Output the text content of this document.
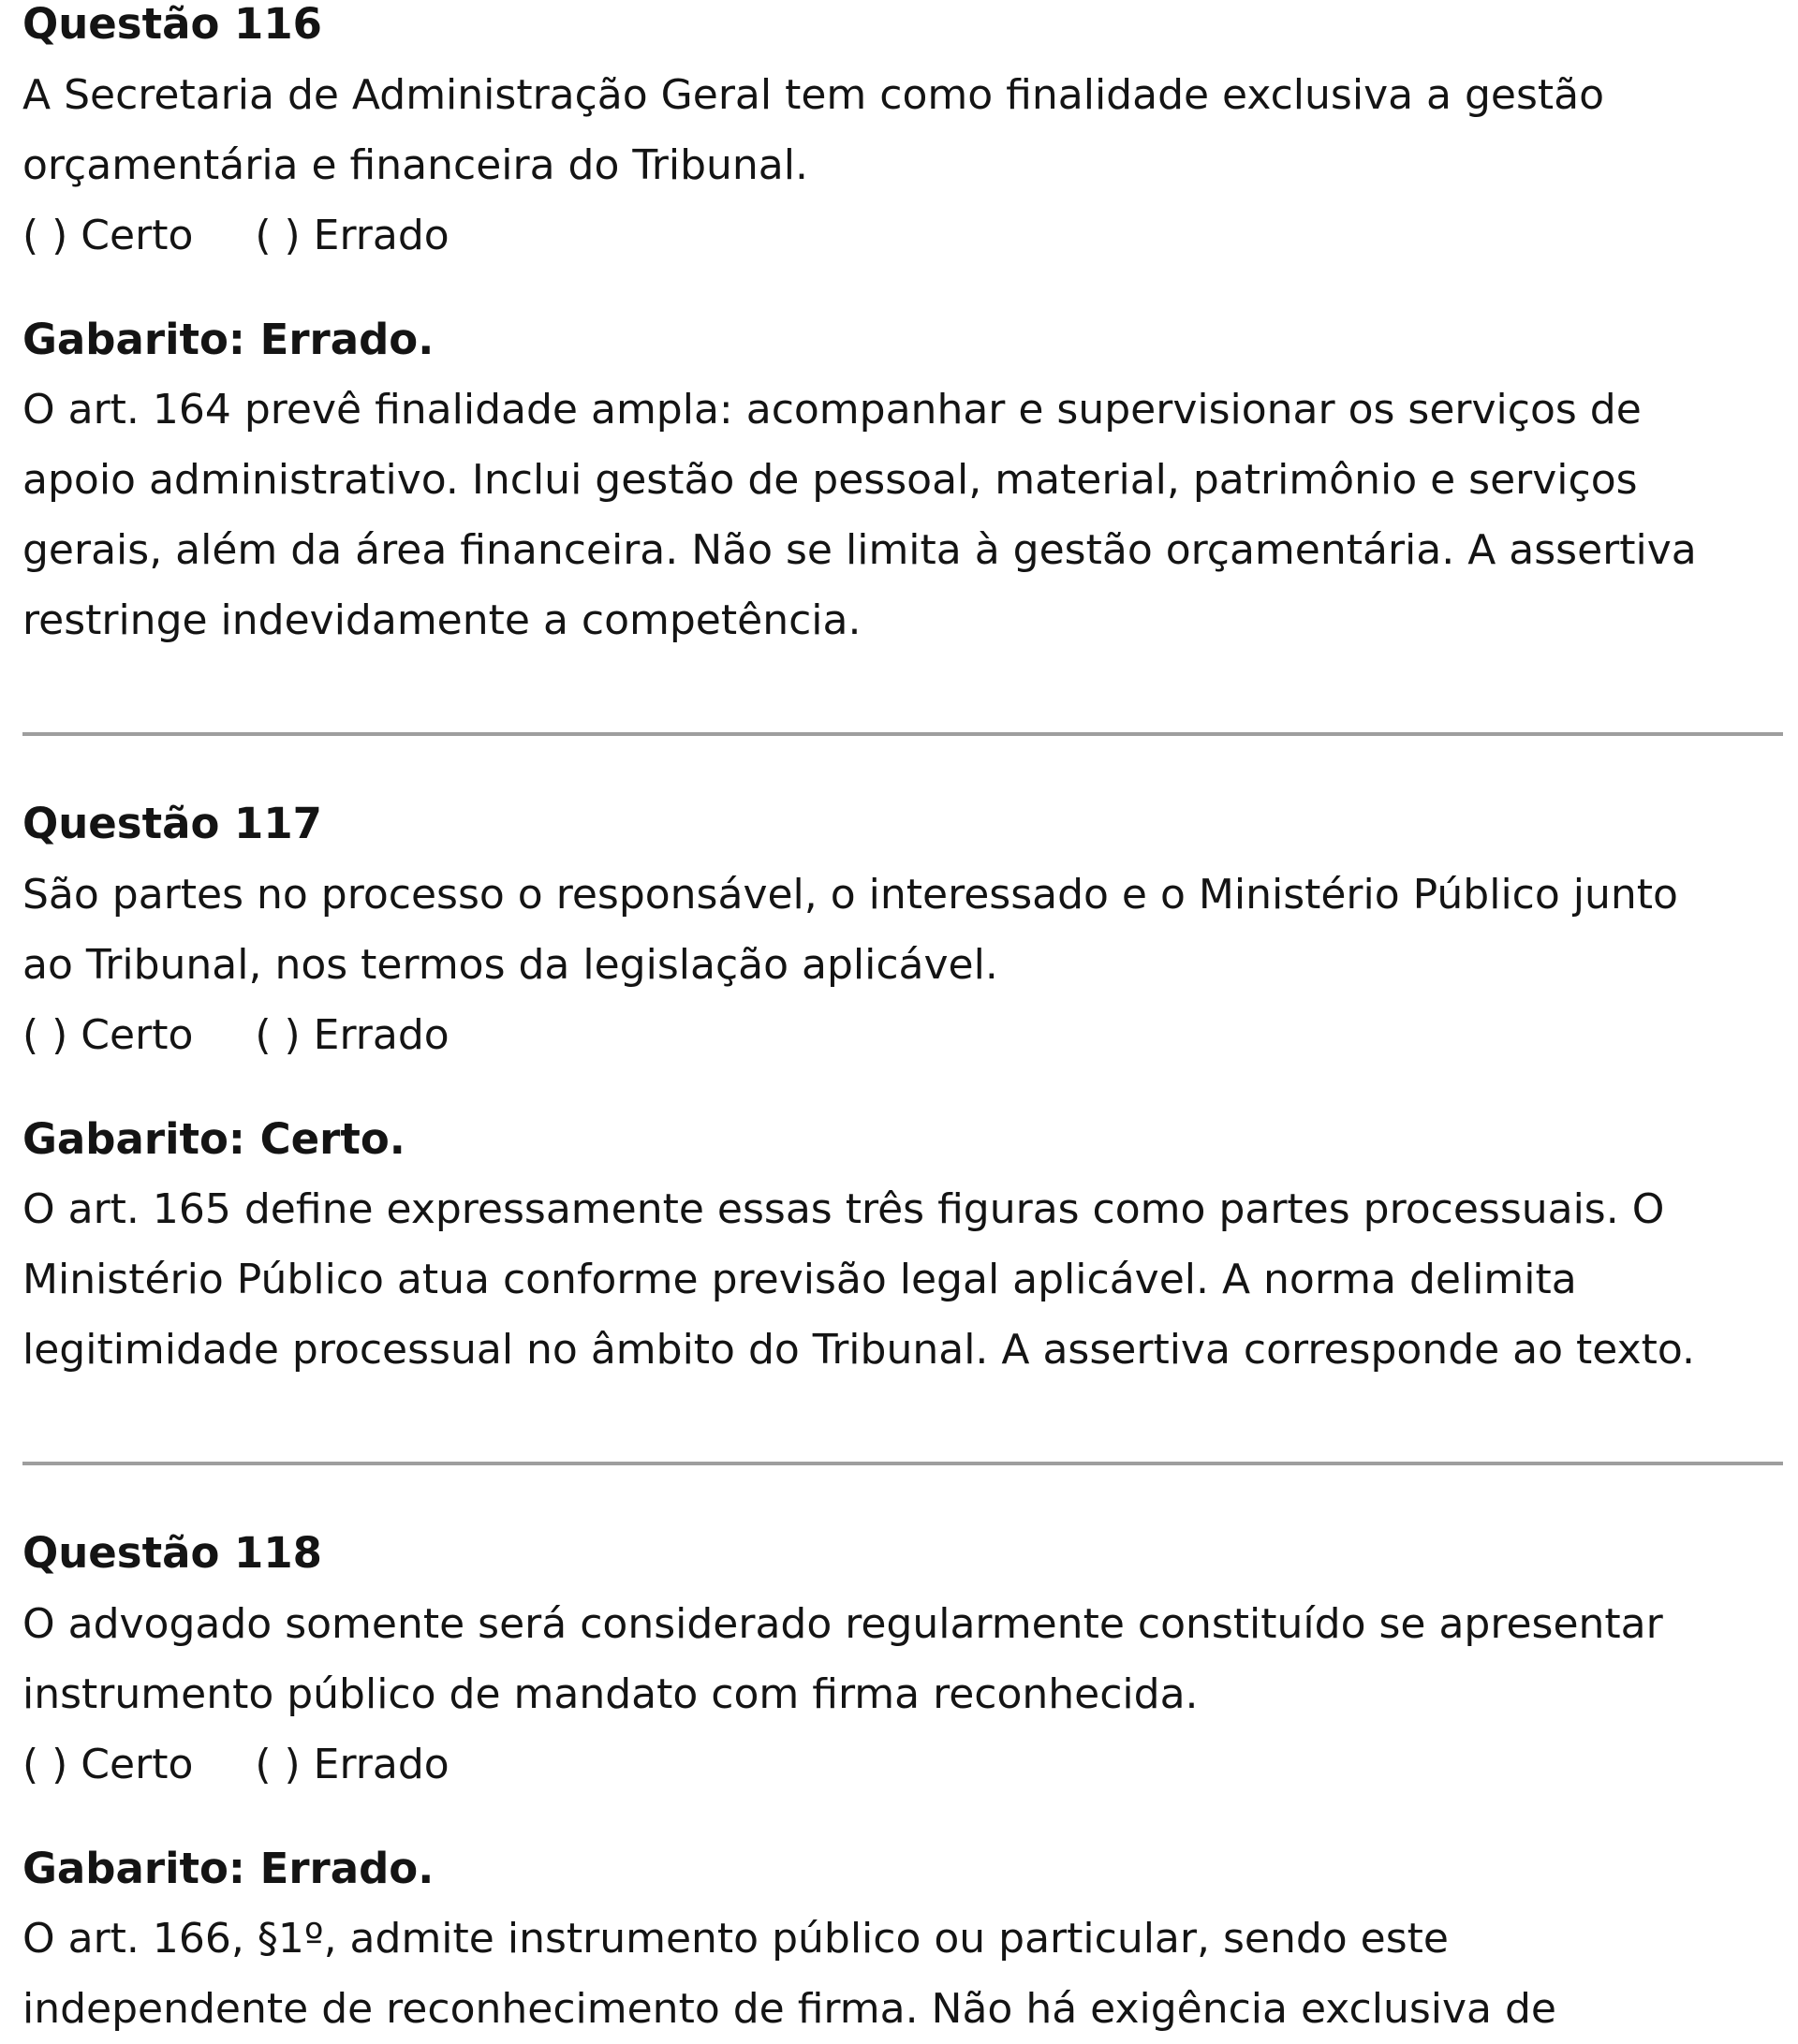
Questão 116
A Secretaria de Administração Geral tem como finalidade exclusiva a gestão
orçamentária e financeira do Tribunal.
( ) Certo ( ) Errado
Gabarito: Errado.
O art. 164 prevê finalidade ampla: acompanhar e supervisionar os serviços de
apoio administrativo. Inclui gestão de pessoal, material, patrimônio e serviços
gerais, além da área financeira. Não se limita à gestão orçamentária. A assertiva
restringe indevidamente a competência.
Questão 117
São partes no processo o responsável, o interessado e o Ministério Público junto
ao Tribunal, nos termos da legislação aplicável.
( ) Certo ( ) Errado
Gabarito: Certo.
O art. 165 define expressamente essas três figuras como partes processuais. O
Ministério Público atua conforme previsão legal aplicável. A norma delimita
legitimidade processual no âmbito do Tribunal. A assertiva corresponde ao texto.
Questão 118
O advogado somente será considerado regularmente constituído se apresentar
instrumento público de mandato com firma reconhecida.
( ) Certo ( ) Errado
Gabarito: Errado.
O art. 166, §1º, admite instrumento público ou particular, sendo este
independente de reconhecimento de firma. Não há exigência exclusiva de
